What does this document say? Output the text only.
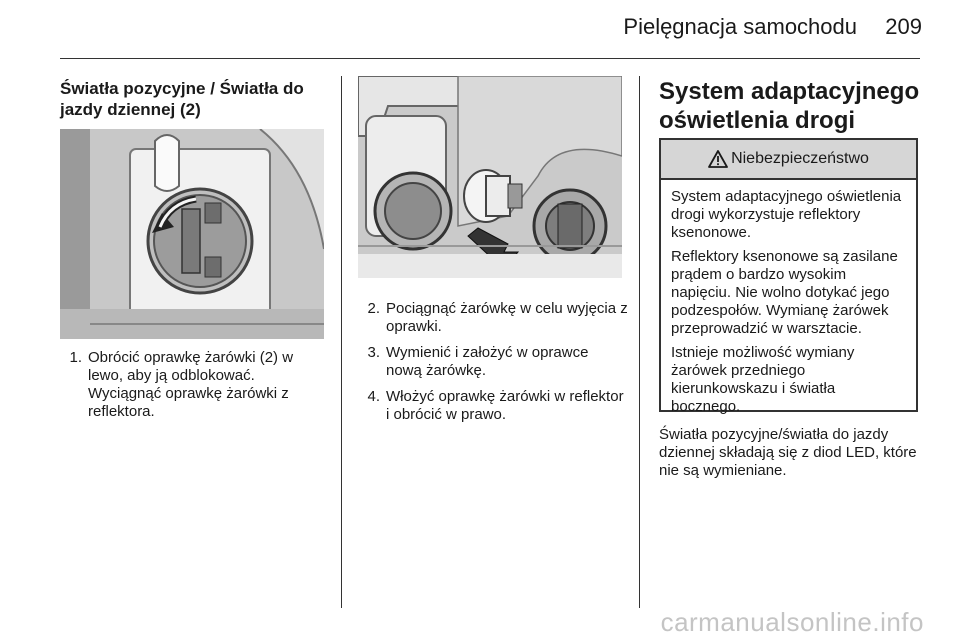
Pielęgnacja samochodu 209
Światła pozycyjne / Światła do jazdy dziennej (2)
1. Obrócić oprawkę żarówki (2) w lewo, aby ją odblokować. Wyciągnąć oprawkę żarówki z reflektora.
2. Pociągnąć żarówkę w celu wyjęcia z oprawki.
3. Wymienić i założyć w oprawce nową żarówkę.
4. Włożyć oprawkę żarówki w reflektor i obrócić w prawo.
System adaptacyjnego oświetlenia drogi
Niebezpieczeństwo

System adaptacyjnego oświetlenia drogi wykorzystuje reflektory ksenonowe.

Reflektory ksenonowe są zasilane prądem o bardzo wysokim napięciu. Nie wolno dotykać jego podzespołów. Wymianę żarówek przeprowadzić w warsztacie.

Istnieje możliwość wymiany żarówek przedniego kierunkowskazu i światła bocznego.

Światła pozycyjne/światła do jazdy dziennej składają się z diod LED, które nie są wymieniane.

carmanualsonline.info
